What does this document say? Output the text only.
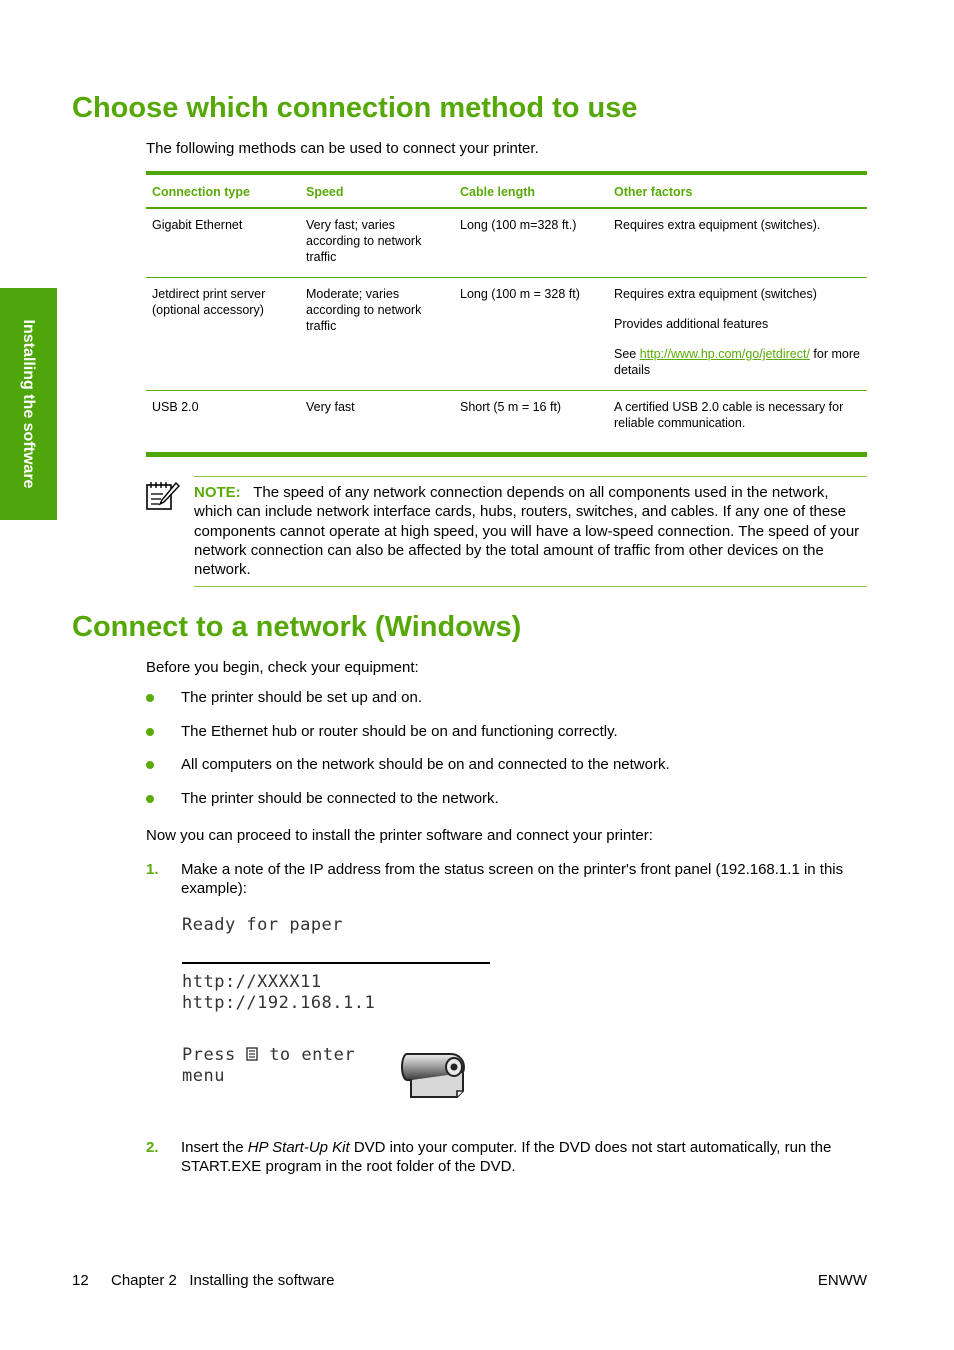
Installing the software
Choose which connection method to use

The following methods can be used to connect your printer.

Connection type	Speed	Cable length	Other factors
Gigabit Ethernet	Very fast; varies according to network traffic	Long (100 m=328 ft.)	Requires extra equipment (switches).

Jetdirect print server (optional accessory)	Moderate; varies according to network traffic	Long (100 m = 328 ft)	Requires extra equipment (switches)

Provides additional features

See http://www.hp.com/go/jetdirect/ for more details

USB 2.0	Very fast	Short (5 m = 16 ft)	A certified USB 2.0 cable is necessary for reliable communication.

NOTE: The speed of any network connection depends on all components used in the network, which can include network interface cards, hubs, routers, switches, and cables. If any one of these components cannot operate at high speed, you will have a low-speed connection. The speed of your network connection can also be affected by the total amount of traffic from other devices on the network.
Connect to a network (Windows)

Before you begin, check your equipment:

The printer should be set up and on.
The Ethernet hub or router should be on and functioning correctly.
All computers on the network should be on and connected to the network.
The printer should be connected to the network.

Now you can proceed to install the printer software and connect your printer:

1. Make a note of the IP address from the status screen on the printer's front panel (192.168.1.1 in this example):
Ready for paper
http://XXXX11
http://192.168.1.1
Press to enter
menu
2. Insert the HP Start-Up Kit DVD into your computer. If the DVD does not start automatically, run the START.EXE program in the root folder of the DVD.
12 Chapter 2   Installing the software	ENWW
